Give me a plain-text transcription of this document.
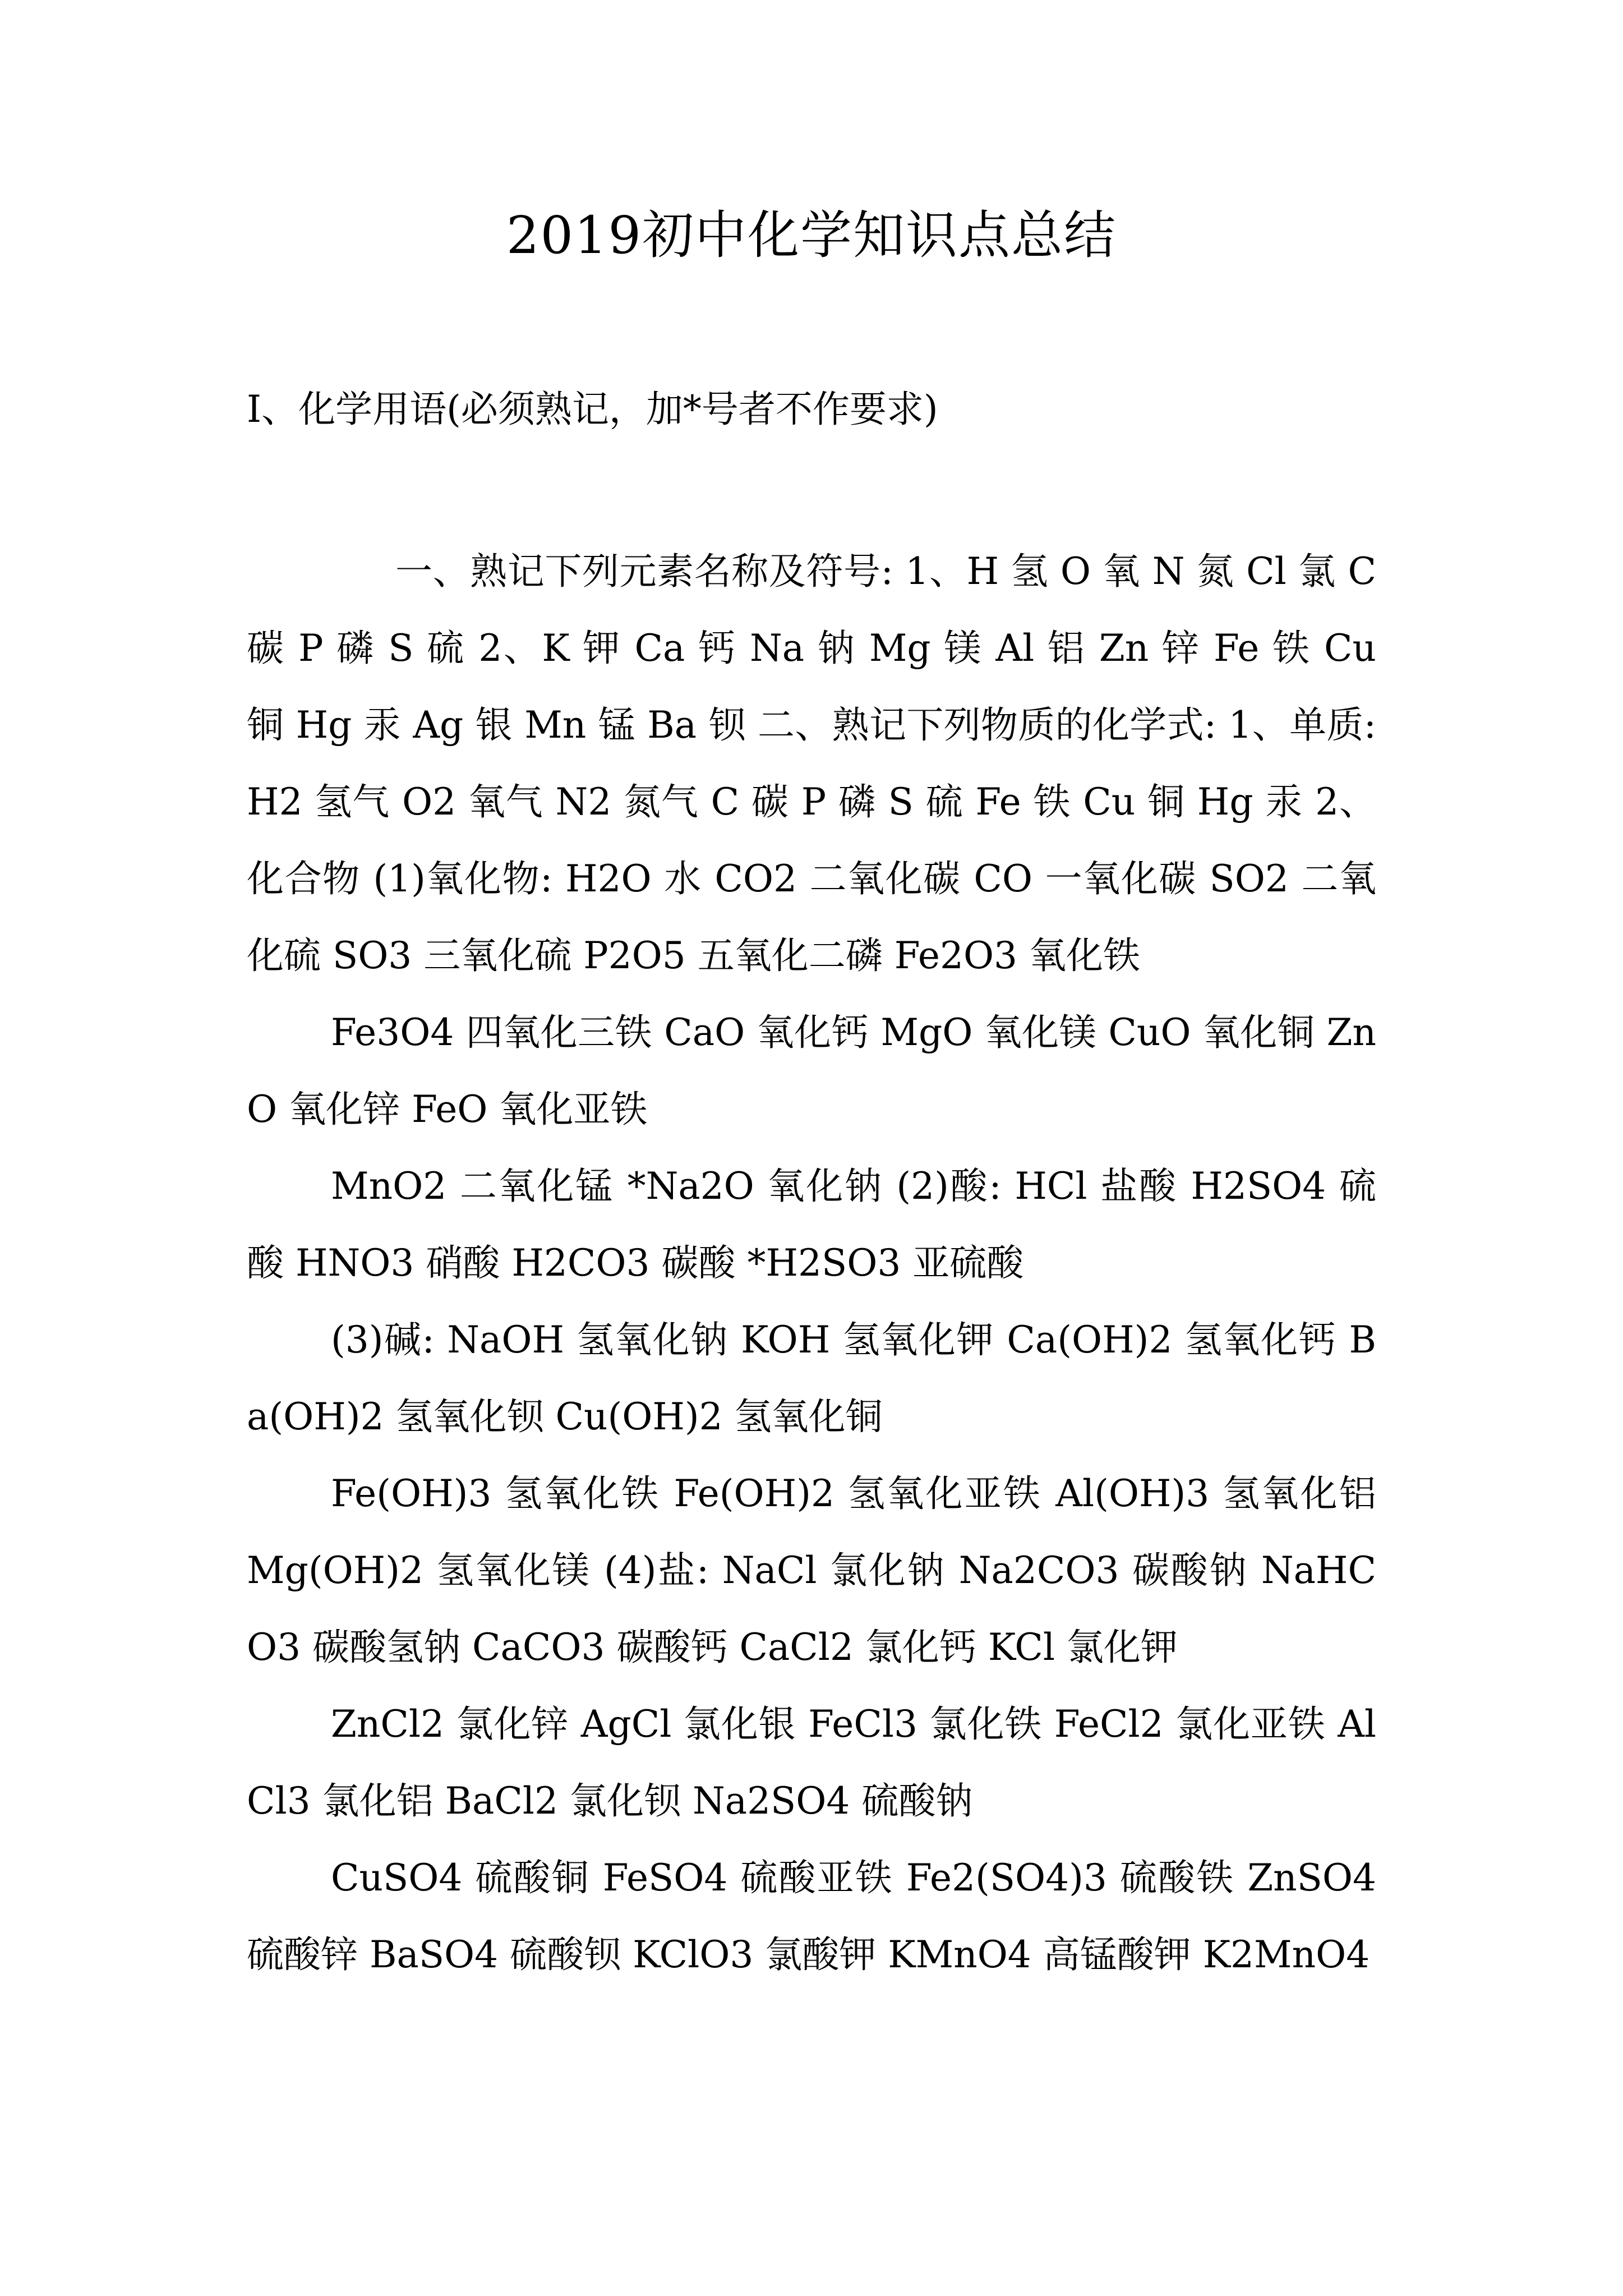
2019初中化学知识点总结

Ⅰ、化学用语(必须熟记，加*号者不作要求)

一、熟记下列元素名称及符号: 1、H 氢 O 氧 N 氮 Cl 氯 C 碳 P 磷 S 硫 2、K 钾 Ca 钙 Na 钠 Mg 镁 Al 铝 Zn 锌 Fe 铁 Cu 铜 Hg 汞 Ag 银 Mn 锰 Ba 钡 二、熟记下列物质的化学式: 1、单质: H2 氢气 O2 氧气 N2 氮气 C 碳 P 磷 S 硫 Fe 铁 Cu 铜 Hg 汞 2、化合物 (1)氧化物: H2O 水 CO2 二氧化碳 CO 一氧化碳 SO2 二氧化硫 SO3 三氧化硫 P2O5 五氧化二磷 Fe2O3 氧化铁

Fe3O4 四氧化三铁 CaO 氧化钙 MgO 氧化镁 CuO 氧化铜 ZnO 氧化锌 FeO 氧化亚铁

MnO2 二氧化锰 *Na2O 氧化钠 (2)酸: HCl 盐酸 H2SO4 硫酸 HNO3 硝酸 H2CO3 碳酸 *H2SO3 亚硫酸

(3)碱: NaOH 氢氧化钠 KOH 氢氧化钾 Ca(OH)2 氢氧化钙 Ba(OH)2 氢氧化钡 Cu(OH)2 氢氧化铜

Fe(OH)3 氢氧化铁 Fe(OH)2 氢氧化亚铁 Al(OH)3 氢氧化铝 Mg(OH)2 氢氧化镁 (4)盐: NaCl 氯化钠 Na2CO3 碳酸钠 NaHCO3 碳酸氢钠 CaCO3 碳酸钙 CaCl2 氯化钙 KCl 氯化钾

ZnCl2 氯化锌 AgCl 氯化银 FeCl3 氯化铁 FeCl2 氯化亚铁 AlCl3 氯化铝 BaCl2 氯化钡 Na2SO4 硫酸钠

CuSO4 硫酸铜 FeSO4 硫酸亚铁 Fe2(SO4)3 硫酸铁 ZnSO4 硫酸锌 BaSO4 硫酸钡 KClO3 氯酸钾 KMnO4 高锰酸钾 K2MnO4
